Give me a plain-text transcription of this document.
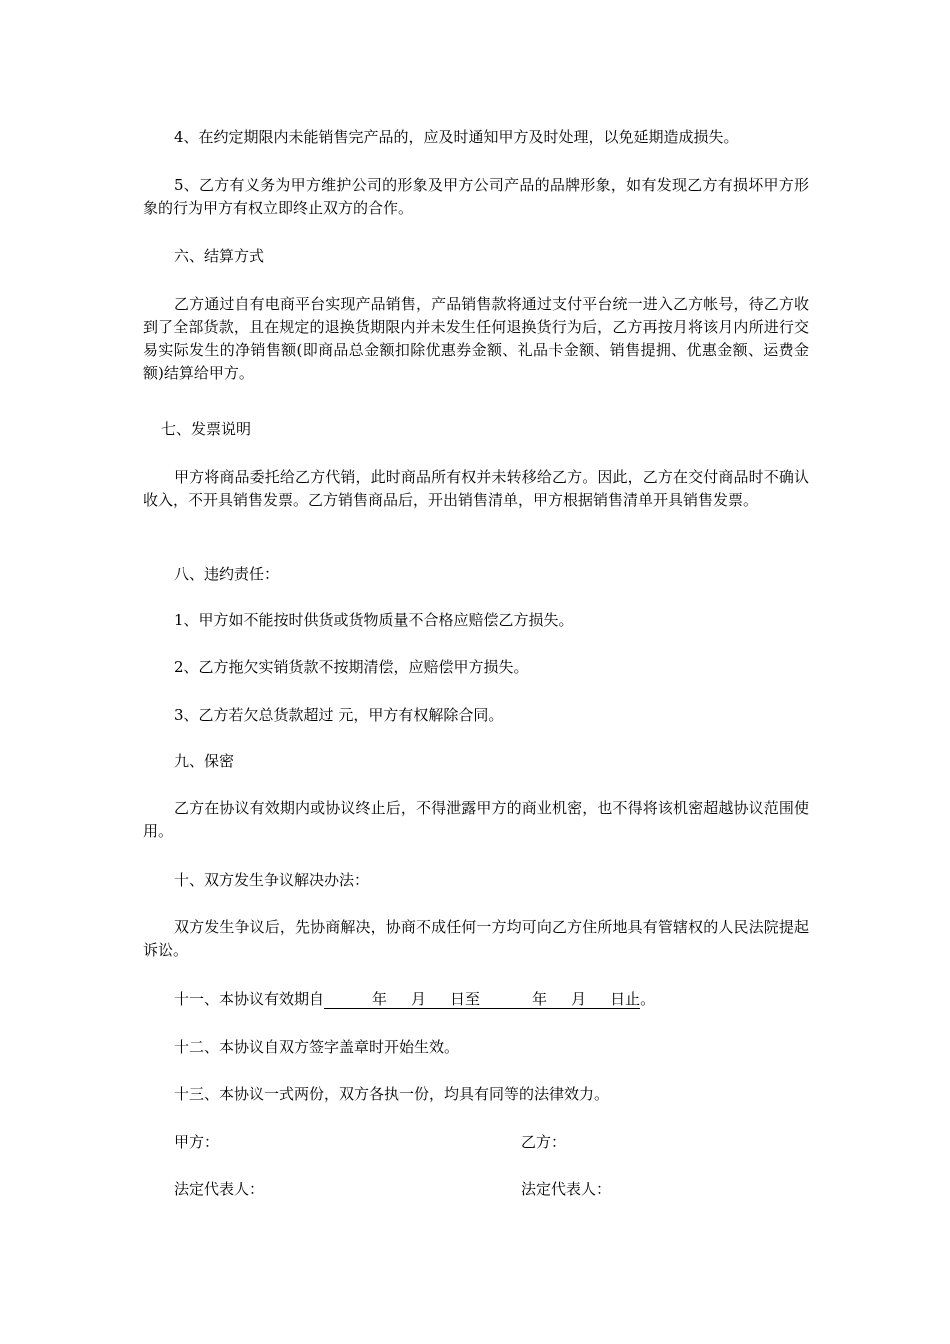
4、在约定期限内未能销售完产品的，应及时通知甲方及时处理，以免延期造成损失。

5、乙方有义务为甲方维护公司的形象及甲方公司产品的品牌形象，如有发现乙方有损坏甲方形象的行为甲方有权立即终止双方的合作。

六、结算方式

乙方通过自有电商平台实现产品销售，产品销售款将通过支付平台统一进入乙方帐号，待乙方收到了全部货款，且在规定的退换货期限内并未发生任何退换货行为后，乙方再按月将该月内所进行交易实际发生的净销售额(即商品总金额扣除优惠券金额、礼品卡金额、销售提拥、优惠金额、运费金额)结算给甲方。

七、发票说明

甲方将商品委托给乙方代销，此时商品所有权并未转移给乙方。因此，乙方在交付商品时不确认收入，不开具销售发票。乙方销售商品后，开出销售清单，甲方根据销售清单开具销售发票。

八、违约责任：

1、甲方如不能按时供货或货物质量不合格应赔偿乙方损失。

2、乙方拖欠实销货款不按期清偿，应赔偿甲方损失。

3、乙方若欠总货款超过 元，甲方有权解除合同。

九、保密

乙方在协议有效期内或协议终止后，不得泄露甲方的商业机密，也不得将该机密超越协议范围使用。

十、双方发生争议解决办法：

双方发生争议后，先协商解决，协商不成任何一方均可向乙方住所地具有管辖权的人民法院提起诉讼。

十一、本协议有效期自	年 月 日至	年 月 日止。

十二、本协议自双方签字盖章时开始生效。

十三、本协议一式两份，双方各执一份，均具有同等的法律效力。

甲方：	乙方：
法定代表人：	法定代表人：
